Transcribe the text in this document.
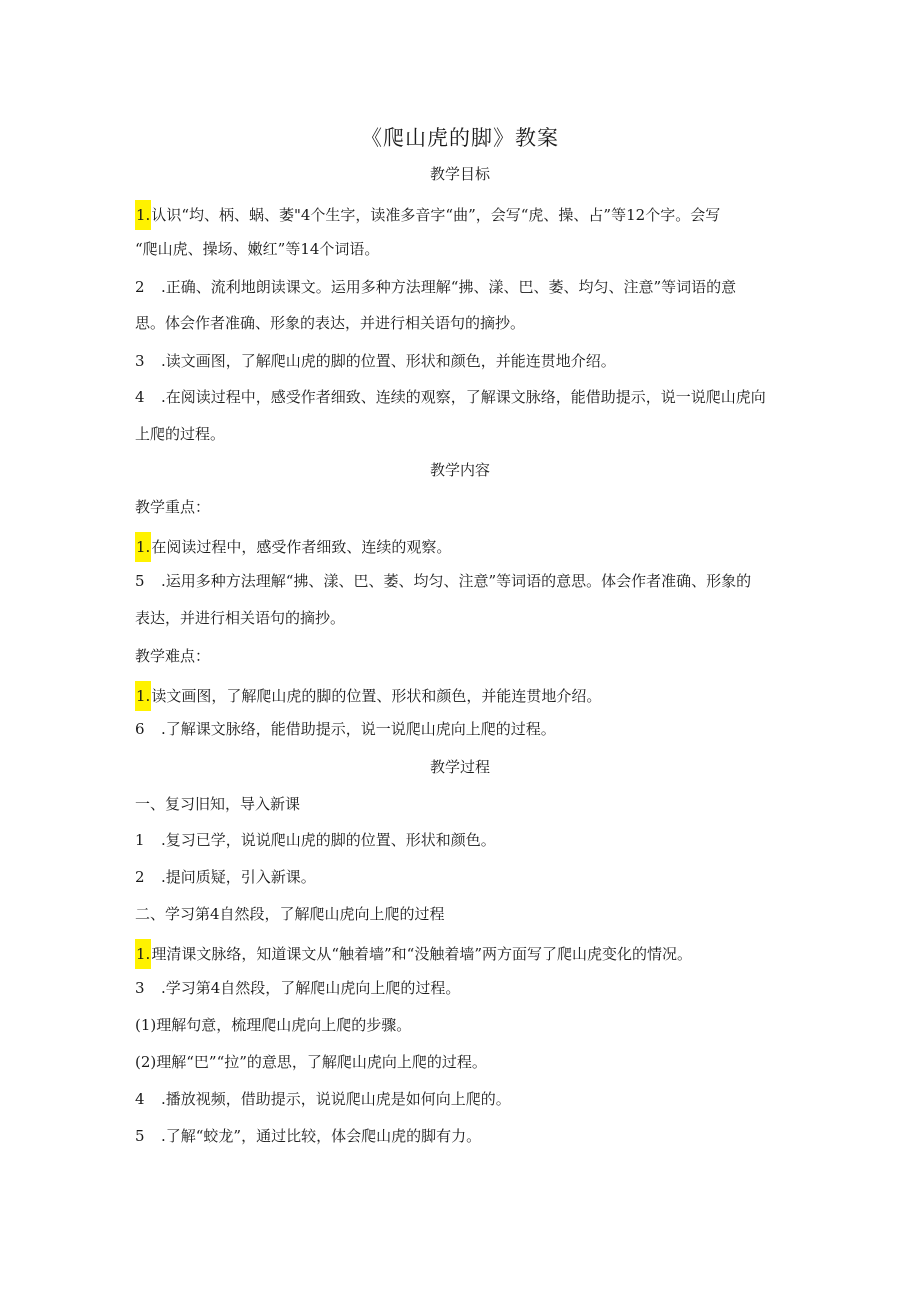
《爬山虎的脚》教案
教学目标
1.认识“均、柄、蜗、萎"4个生字，读准多音字“曲”，会写“虎、操、占”等12个字。会写
“爬山虎、操场、嫩红”等14个词语。
2 .正确、流利地朗读课文。运用多种方法理解“拂、漾、巴、萎、均匀、注意”等词语的意
思。体会作者准确、形象的表达，并进行相关语句的摘抄。
3 .读文画图，了解爬山虎的脚的位置、形状和颜色，并能连贯地介绍。
4 .在阅读过程中，感受作者细致、连续的观察，了解课文脉络，能借助提示，说一说爬山虎向
上爬的过程。
教学内容
教学重点：
1.在阅读过程中，感受作者细致、连续的观察。
5 .运用多种方法理解“拂、漾、巴、萎、均匀、注意”等词语的意思。体会作者准确、形象的
表达，并进行相关语句的摘抄。
教学难点：
1.读文画图，了解爬山虎的脚的位置、形状和颜色，并能连贯地介绍。
6 .了解课文脉络，能借助提示，说一说爬山虎向上爬的过程。
教学过程
一、复习旧知，导入新课
1 .复习已学，说说爬山虎的脚的位置、形状和颜色。
2 .提问质疑，引入新课。
二、学习第4自然段，了解爬山虎向上爬的过程
1.理清课文脉络，知道课文从“触着墙”和“没触着墙”两方面写了爬山虎变化的情况。
3 .学习第4自然段，了解爬山虎向上爬的过程。
(1)理解句意，梳理爬山虎向上爬的步骤。
(2)理解“巴”“拉”的意思，了解爬山虎向上爬的过程。
4 .播放视频，借助提示，说说爬山虎是如何向上爬的。
5 .了解“蛟龙”，通过比较，体会爬山虎的脚有力。
